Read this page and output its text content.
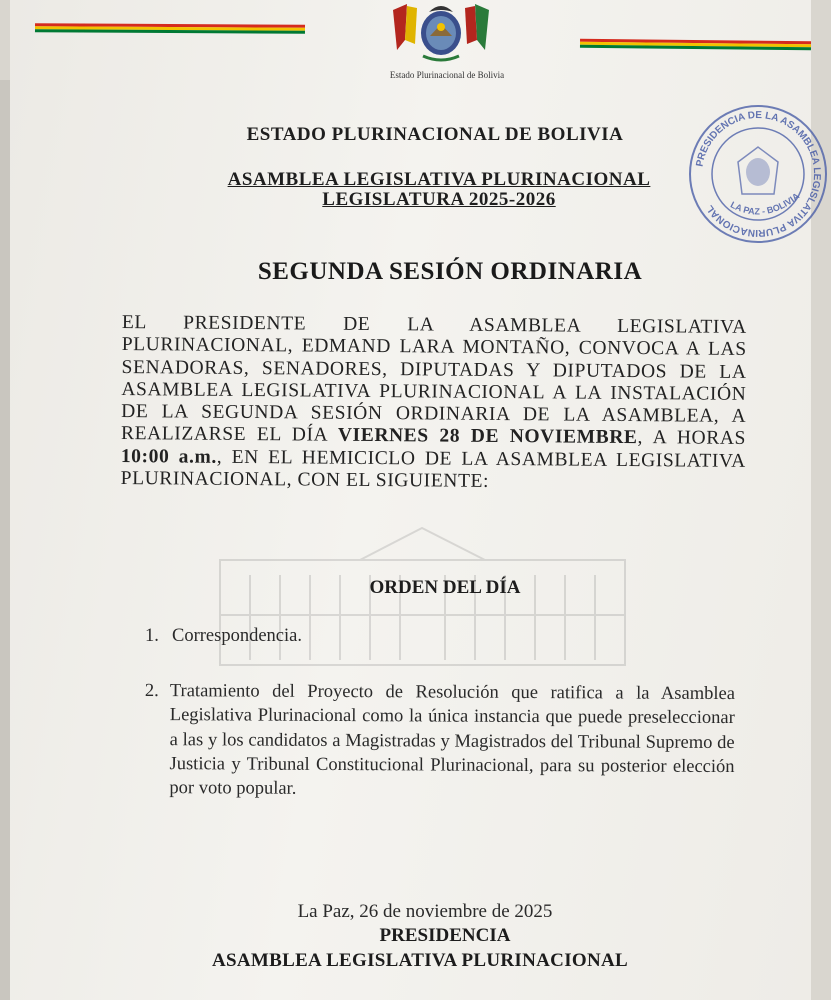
Estado Plurinacional de Bolivia
ESTADO PLURINACIONAL DE BOLIVIA
ASAMBLEA LEGISLATIVA PLURINACIONAL
LEGISLATURA 2025-2026
PRESIDENCIA DE LA ASAMBLEA LEGISLATIVA PLURINACIONAL	LA PAZ - BOLIVIA
SEGUNDA SESIÓN ORDINARIA
EL PRESIDENTE DE LA ASAMBLEA LEGISLATIVA PLURINACIONAL, EDMAND LARA MONTAÑO, CONVOCA A LAS SENADORAS, SENADORES, DIPUTADAS Y DIPUTADOS DE LA ASAMBLEA LEGISLATIVA PLURINACIONAL A LA INSTALACIÓN DE LA SEGUNDA SESIÓN ORDINARIA DE LA ASAMBLEA, A REALIZARSE EL DÍA VIERNES 28 DE NOVIEMBRE, A HORAS 10:00 a.m., EN EL HEMICICLO DE LA ASAMBLEA LEGISLATIVA PLURINACIONAL, CON EL SIGUIENTE:
ORDEN DEL DÍA
1. Correspondencia.
2. Tratamiento del Proyecto de Resolución que ratifica a la Asamblea Legislativa Plurinacional como la única instancia que puede preseleccionar a las y los candidatos a Magistradas y Magistrados del Tribunal Supremo de Justicia y Tribunal Constitucional Plurinacional, para su posterior elección por voto popular.
La Paz, 26 de noviembre de 2025
PRESIDENCIA
ASAMBLEA LEGISLATIVA PLURINACIONAL
